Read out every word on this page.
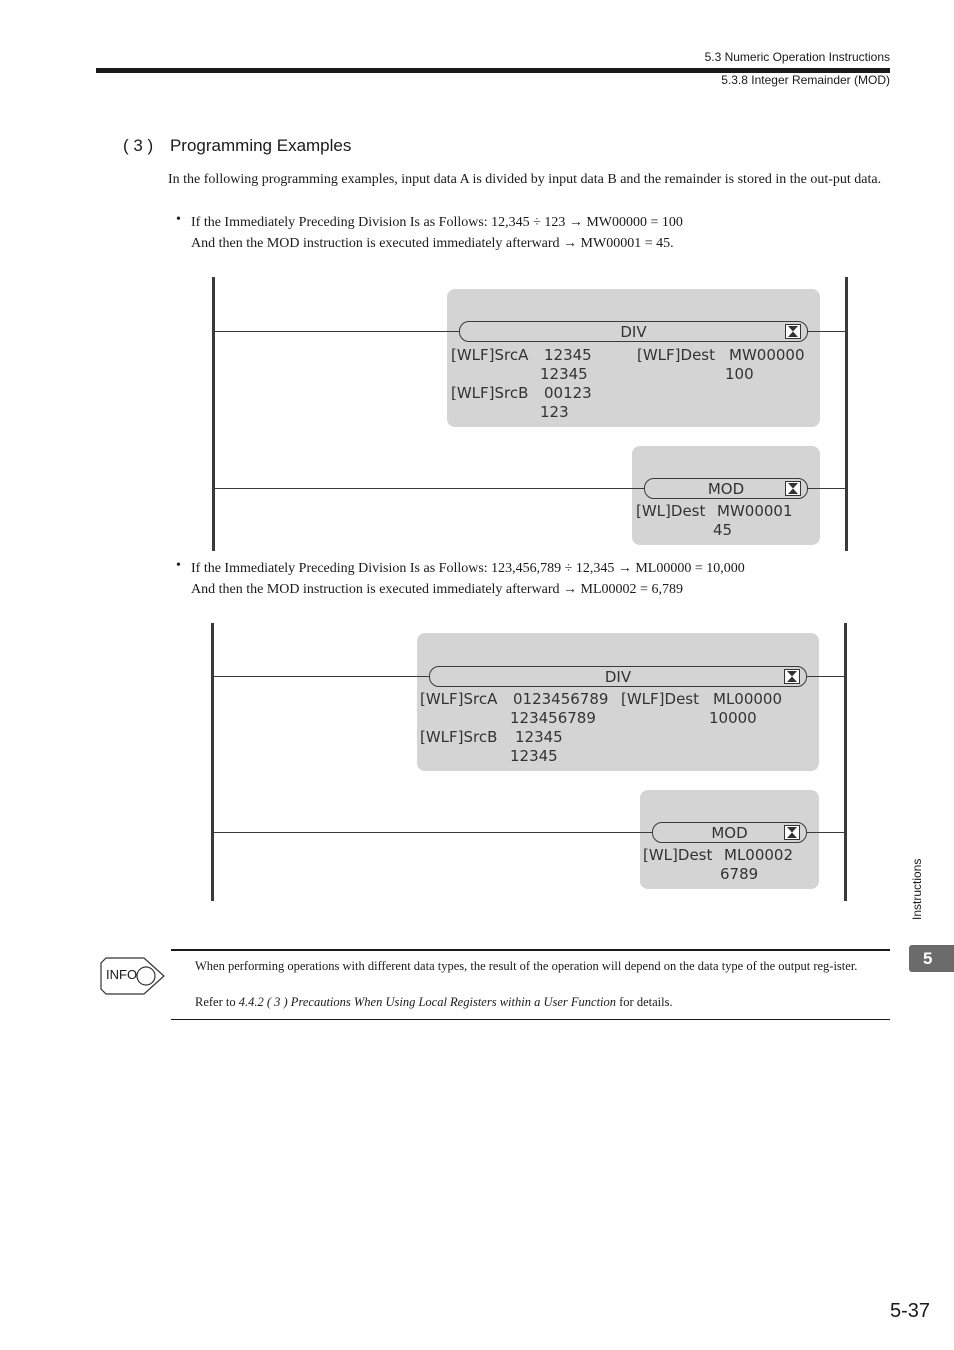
5.3 Numeric Operation Instructions
5.3.8 Integer Remainder (MOD)
( 3 ) Programming Examples
In the following programming examples, input data A is divided by input data B and the remainder is stored in the out-put data.
• If the Immediately Preceding Division Is as Follows: 12,345 ÷ 123 → MW00000 = 100
And then the MOD instruction is executed immediately afterward → MW00001 = 45.
DIV
[WLF]SrcA 12345
12345
[WLF]SrcB 00123
123
[WLF]Dest MW00000
100
MOD
[WL]Dest MW00001
45
• If the Immediately Preceding Division Is as Follows: 123,456,789 ÷ 12,345 → ML00000 = 10,000
And then the MOD instruction is executed immediately afterward → ML00002 = 6,789
DIV
[WLF]SrcA 0123456789
123456789
[WLF]SrcB 12345
12345
[WLF]Dest ML00000
10000
MOD
[WL]Dest ML00002
6789	Instructions
5
INFO
When performing operations with different data types, the result of the operation will depend on the data type of the output reg-ister.
Refer to 4.4.2 ( 3 ) Precautions When Using Local Registers within a User Function for details.
5-37
